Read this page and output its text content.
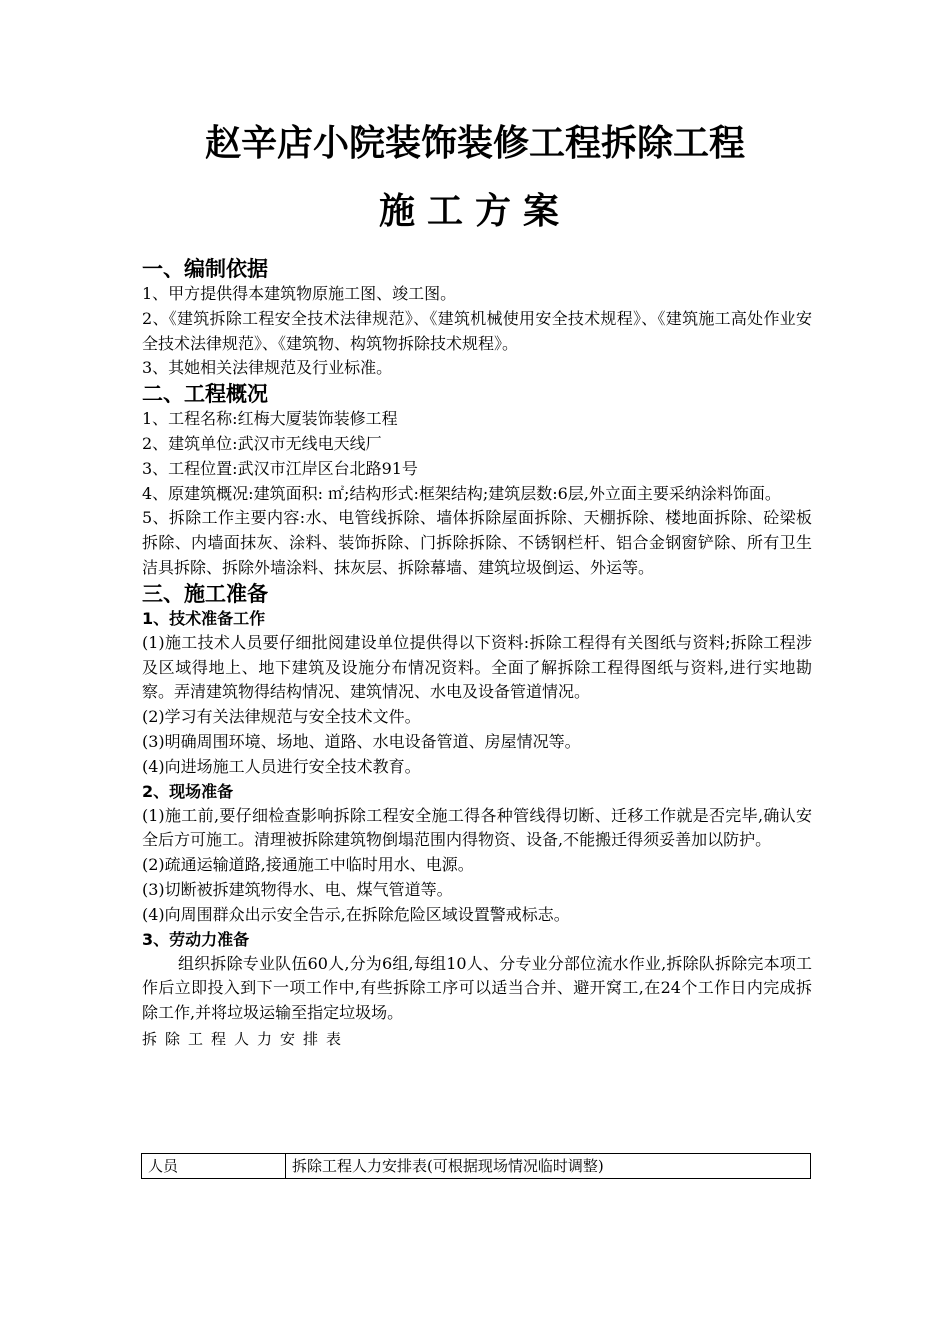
赵辛店小院装饰装修工程拆除工程
施工方案
一、编制依据
1、甲方提供得本建筑物原施工图、竣工图。
2、《建筑拆除工程安全技术法律规范》、《建筑机械使用安全技术规程》、《建筑施工高处作业安全技术法律规范》、《建筑物、构筑物拆除技术规程》。
3、其她相关法律规范及行业标准。
二、工程概况
1、工程名称:红梅大厦装饰装修工程
2、建筑单位:武汉市无线电天线厂
3、工程位置:武汉市江岸区台北路91号
4、原建筑概况:建筑面积: ㎡;结构形式:框架结构;建筑层数:6层,外立面主要采纳涂料饰面。
5、拆除工作主要内容:水、电管线拆除、墙体拆除屋面拆除、天棚拆除、楼地面拆除、砼梁板拆除、内墙面抹灰、涂料、装饰拆除、门拆除拆除、不锈钢栏杆、铝合金钢窗铲除、所有卫生洁具拆除、拆除外墙涂料、抹灰层、拆除幕墙、建筑垃圾倒运、外运等。
三、施工准备
1、技术准备工作
(1)施工技术人员要仔细批阅建设单位提供得以下资料:拆除工程得有关图纸与资料;拆除工程涉及区域得地上、地下建筑及设施分布情况资料。全面了解拆除工程得图纸与资料,进行实地勘察。弄清建筑物得结构情况、建筑情况、水电及设备管道情况。
(2)学习有关法律规范与安全技术文件。
(3)明确周围环境、场地、道路、水电设备管道、房屋情况等。
(4)向进场施工人员进行安全技术教育。
2、现场准备
(1)施工前,要仔细检查影响拆除工程安全施工得各种管线得切断、迁移工作就是否完毕,确认安全后方可施工。清理被拆除建筑物倒塌范围内得物资、设备,不能搬迁得须妥善加以防护。
(2)疏通运输道路,接通施工中临时用水、电源。
(3)切断被拆建筑物得水、电、煤气管道等。
(4)向周围群众出示安全告示,在拆除危险区域设置警戒标志。
3、劳动力准备
组织拆除专业队伍60人,分为6组,每组10人、分专业分部位流水作业,拆除队拆除完本项工作后立即投入到下一项工作中,有些拆除工序可以适当合并、避开窝工,在24个工作日内完成拆除工作,并将垃圾运输至指定垃圾场。
拆除工程人力安排表
人员	拆除工程人力安排表(可根据现场情况临时调整)
